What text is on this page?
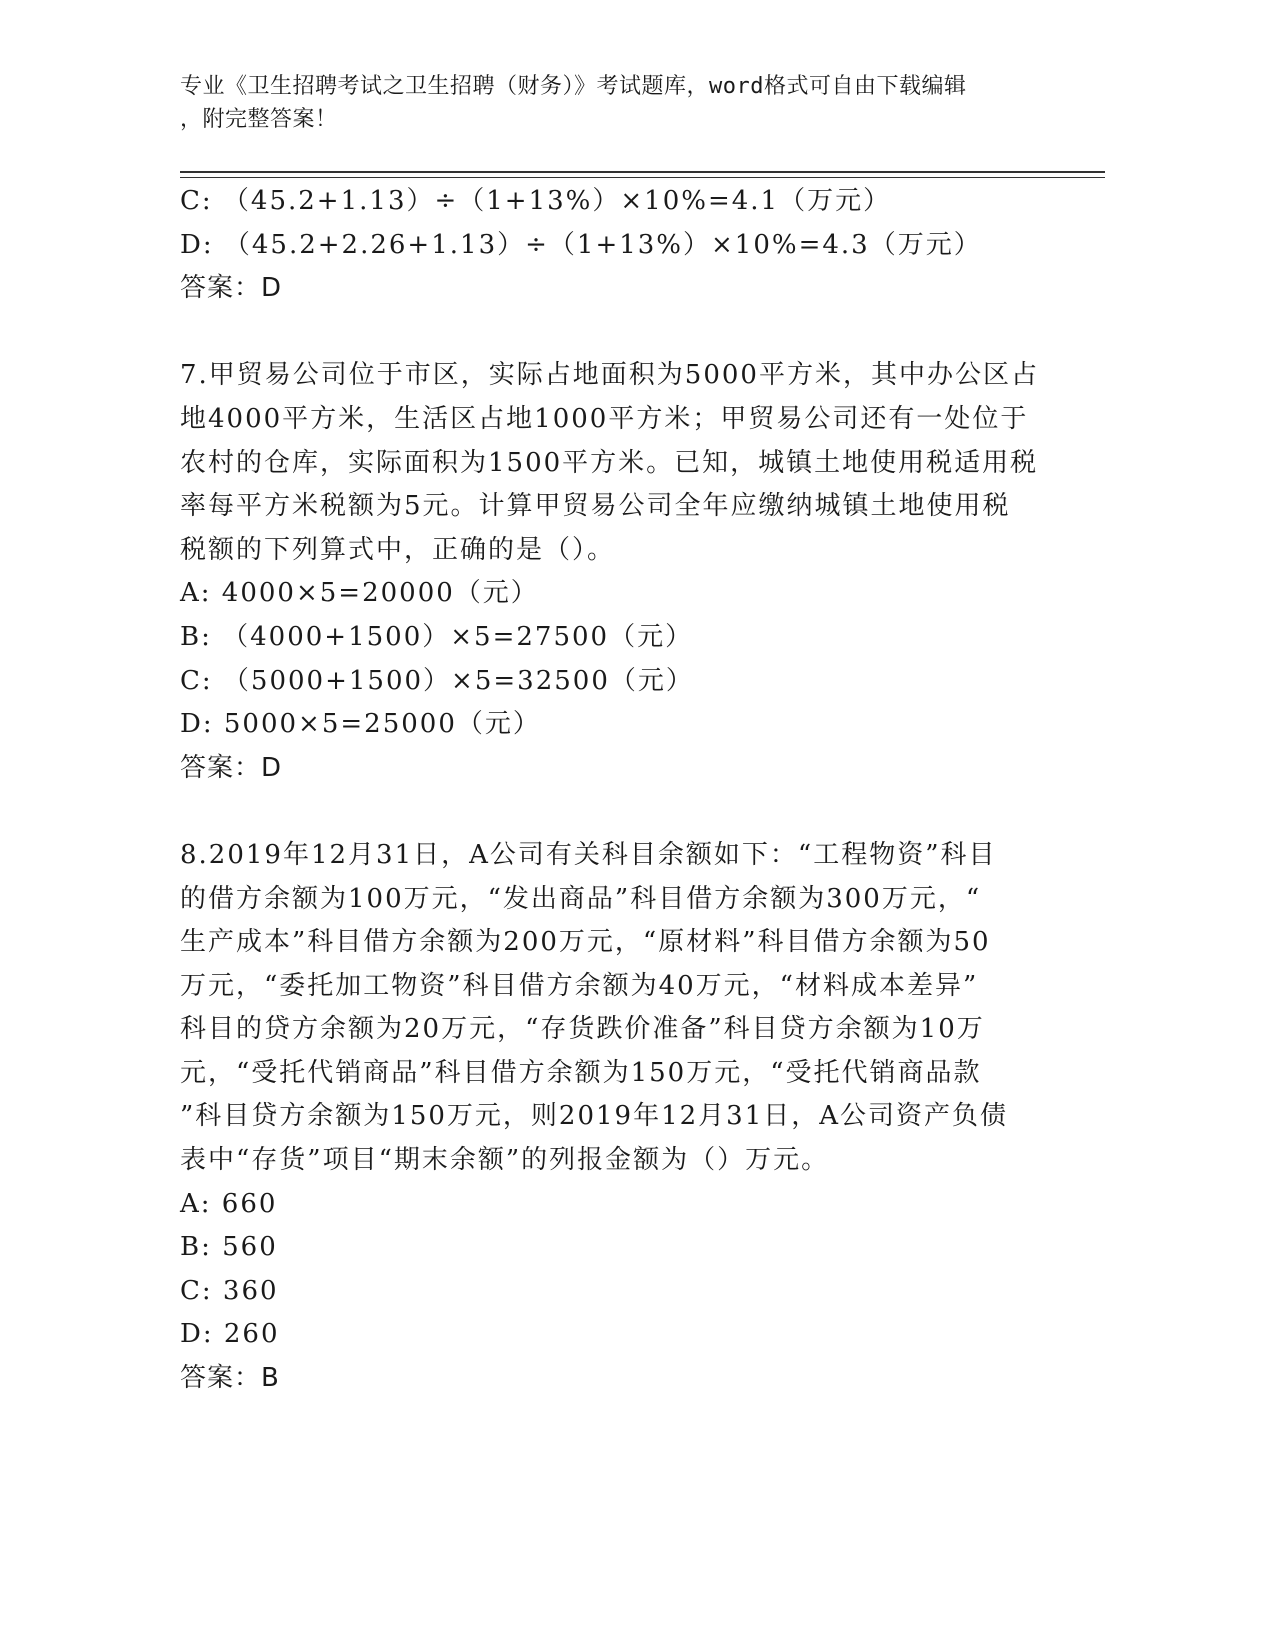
专业《卫生招聘考试之卫生招聘（财务）》考试题库，word格式可自由下载编辑
，附完整答案！
C: （45.2+1.13）÷（1+13%）×10%=4.1（万元）
D: （45.2+2.26+1.13）÷（1+13%）×10%=4.3（万元）
答案：D
7.甲贸易公司位于市区，实际占地面积为5000平方米，其中办公区占
地4000平方米，生活区占地1000平方米；甲贸易公司还有一处位于
农村的仓库，实际面积为1500平方米。已知，城镇土地使用税适用税
率每平方米税额为5元。计算甲贸易公司全年应缴纳城镇土地使用税
税额的下列算式中，正确的是（）。
A: 4000×5=20000（元）
B: （4000+1500）×5=27500（元）
C: （5000+1500）×5=32500（元）
D: 5000×5=25000（元）
答案：D
8.2019年12月31日，A公司有关科目余额如下：“工程物资”科目
的借方余额为100万元，“发出商品”科目借方余额为300万元，“
生产成本”科目借方余额为200万元，“原材料”科目借方余额为50
万元，“委托加工物资”科目借方余额为40万元，“材料成本差异”
科目的贷方余额为20万元，“存货跌价准备”科目贷方余额为10万
元，“受托代销商品”科目借方余额为150万元，“受托代销商品款
”科目贷方余额为150万元，则2019年12月31日，A公司资产负债
表中“存货”项目“期末余额”的列报金额为（）万元。
A: 660
B: 560
C: 360
D: 260
答案：B
